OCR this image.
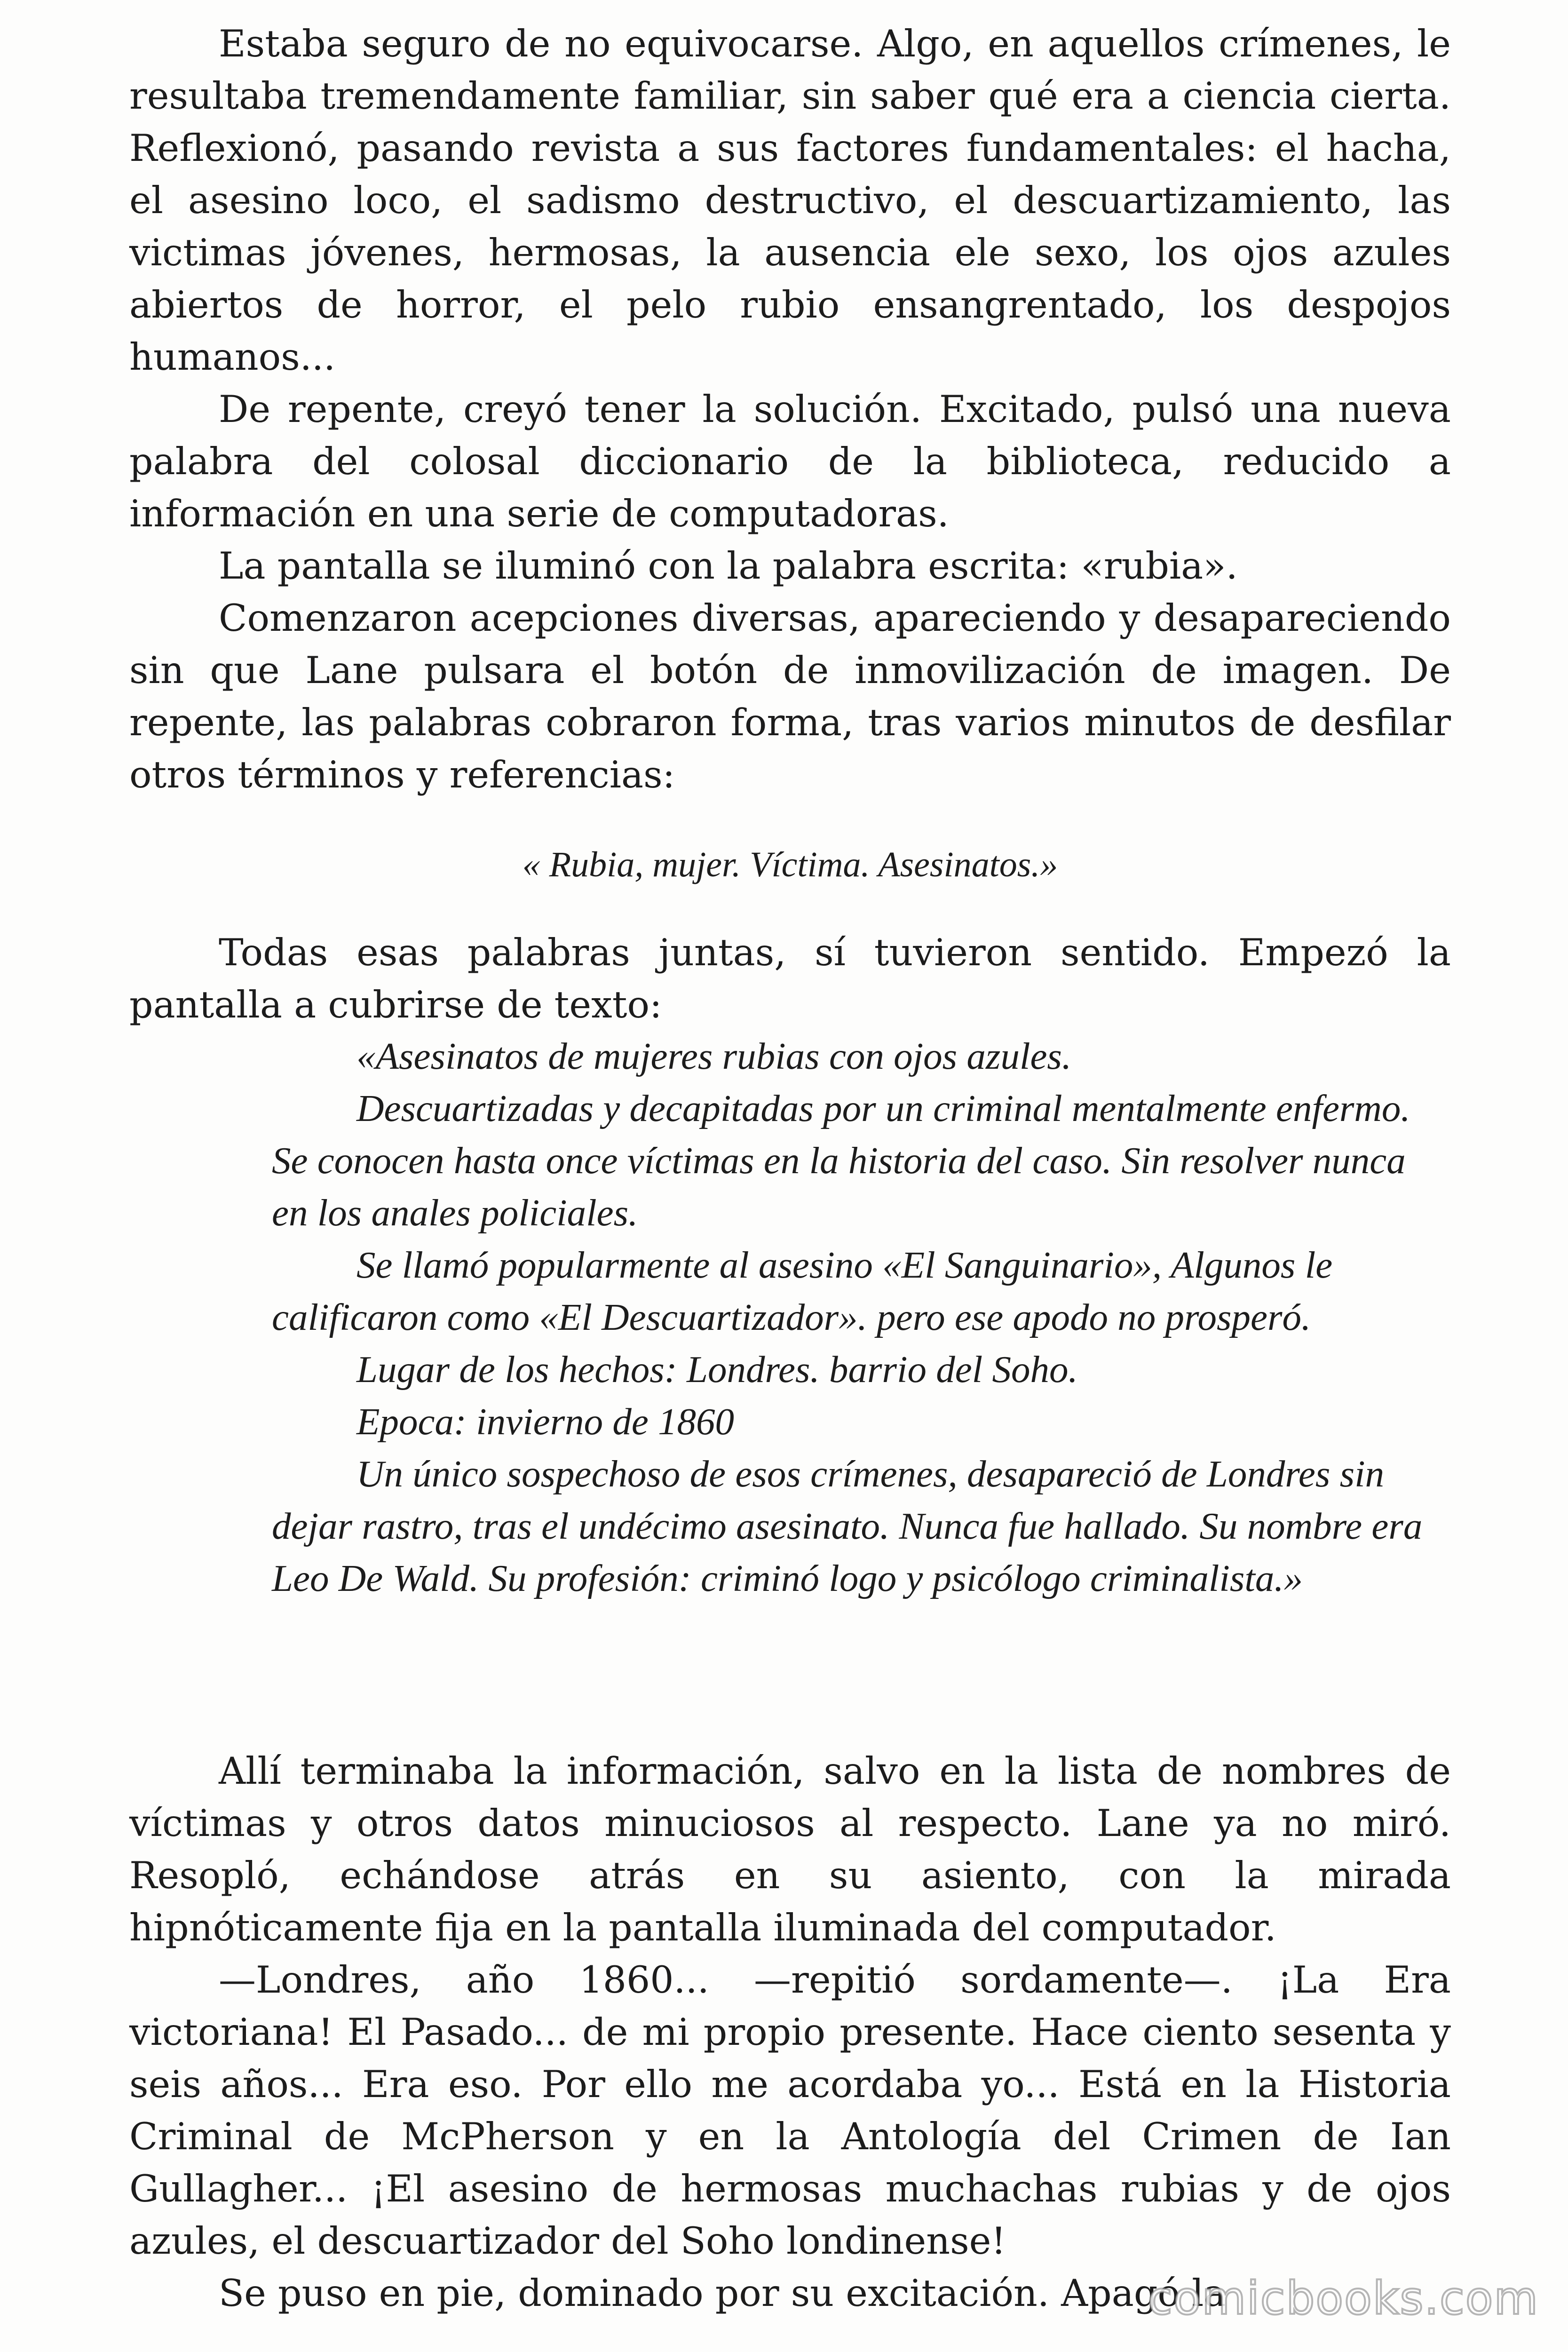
Estaba seguro de no equivocarse. Algo, en aquellos crímenes, le resultaba tremendamente familiar, sin saber qué era a ciencia cierta. Reflexionó, pasando revista a sus factores fundamentales: el hacha, el asesino loco, el sadismo destructivo, el descuartizamiento, las victimas jóvenes, hermosas, la ausencia ele sexo, los ojos azules abiertos de horror, el pelo rubio ensangrentado, los despojos humanos...

De repente, creyó tener la solución. Excitado, pulsó una nueva palabra del colosal diccionario de la biblioteca, reducido a información en una serie de computadoras.

La pantalla se iluminó con la palabra escrita: «rubia».

Comenzaron acepciones diversas, apareciendo y desapareciendo sin que Lane pulsara el botón de inmovilización de imagen. De repente, las palabras cobraron forma, tras varios minutos de desfilar otros términos y referencias:

« Rubia, mujer. Víctima. Asesinatos.»

Todas esas palabras juntas, sí tuvieron sentido. Empezó la pantalla a cubrirse de texto:

«Asesinatos de mujeres rubias con ojos azules.

Descuartizadas y decapitadas por un criminal mentalmente enfermo. Se conocen hasta once víctimas en la historia del caso. Sin resolver nunca en los anales policiales.

Se llamó popularmente al asesino «El Sanguinario», Algunos le calificaron como «El Descuartizador». pero ese apodo no prosperó.

Lugar de los hechos: Londres. barrio del Soho.

Epoca: invierno de 1860

Un único sospechoso de esos crímenes, desapareció de Londres sin dejar rastro, tras el undécimo asesinato. Nunca fue hallado. Su nombre era Leo De Wald. Su profesión: criminó logo y psicólogo criminalista.»

Allí terminaba la información, salvo en la lista de nombres de víctimas y otros datos minuciosos al respecto. Lane ya no miró. Resopló, echándose atrás en su asiento, con la mirada hipnóticamente fija en la pantalla iluminada del computador.

—Londres, año 1860... —repitió sordamente—. ¡La Era victoriana! El Pasado... de mi propio presente. Hace ciento sesenta y seis años... Era eso. Por ello me acordaba yo... Está en la Historia Criminal de McPherson y en la Antología del Crimen de Ian Gullagher... ¡El asesino de hermosas muchachas rubias y de ojos azules, el descuartizador del Soho londinense!

Se puso en pie, dominado por su excitación. Apagó la

comicbooks.com
